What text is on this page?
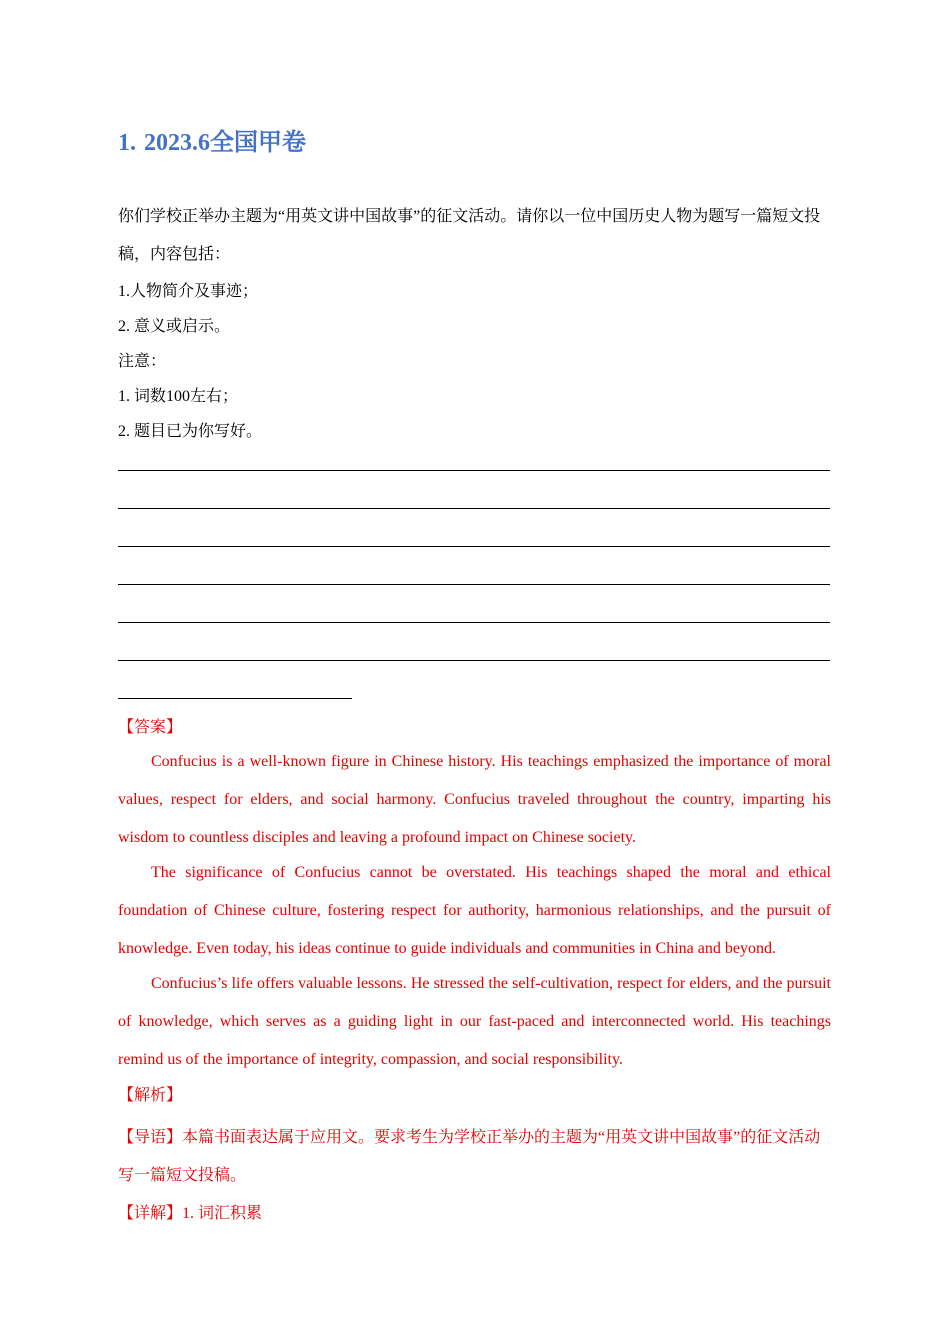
1. 2023.6全国甲卷

你们学校正举办主题为“用英文讲中国故事”的征文活动。请你以一位中国历史人物为题写一篇短文投稿，内容包括：

1.人物简介及事迹；

2. 意义或启示。

注意：

1. 词数100左右；

2. 题目已为你写好。

【答案】

Confucius is a well-known figure in Chinese history. His teachings emphasized the importance of moral values, respect for elders, and social harmony. Confucius traveled throughout the country, imparting his wisdom to countless disciples and leaving a profound impact on Chinese society.

The significance of Confucius cannot be overstated. His teachings shaped the moral and ethical foundation of Chinese culture, fostering respect for authority, harmonious relationships, and the pursuit of knowledge. Even today, his ideas continue to guide individuals and communities in China and beyond.

Confucius’s life offers valuable lessons. He stressed the self-cultivation, respect for elders, and the pursuit of knowledge, which serves as a guiding light in our fast-paced and interconnected world. His teachings remind us of the importance of integrity, compassion, and social responsibility.

【解析】

【导语】本篇书面表达属于应用文。要求考生为学校正举办的主题为“用英文讲中国故事”的征文活动写一篇短文投稿。

【详解】1. 词汇积累
